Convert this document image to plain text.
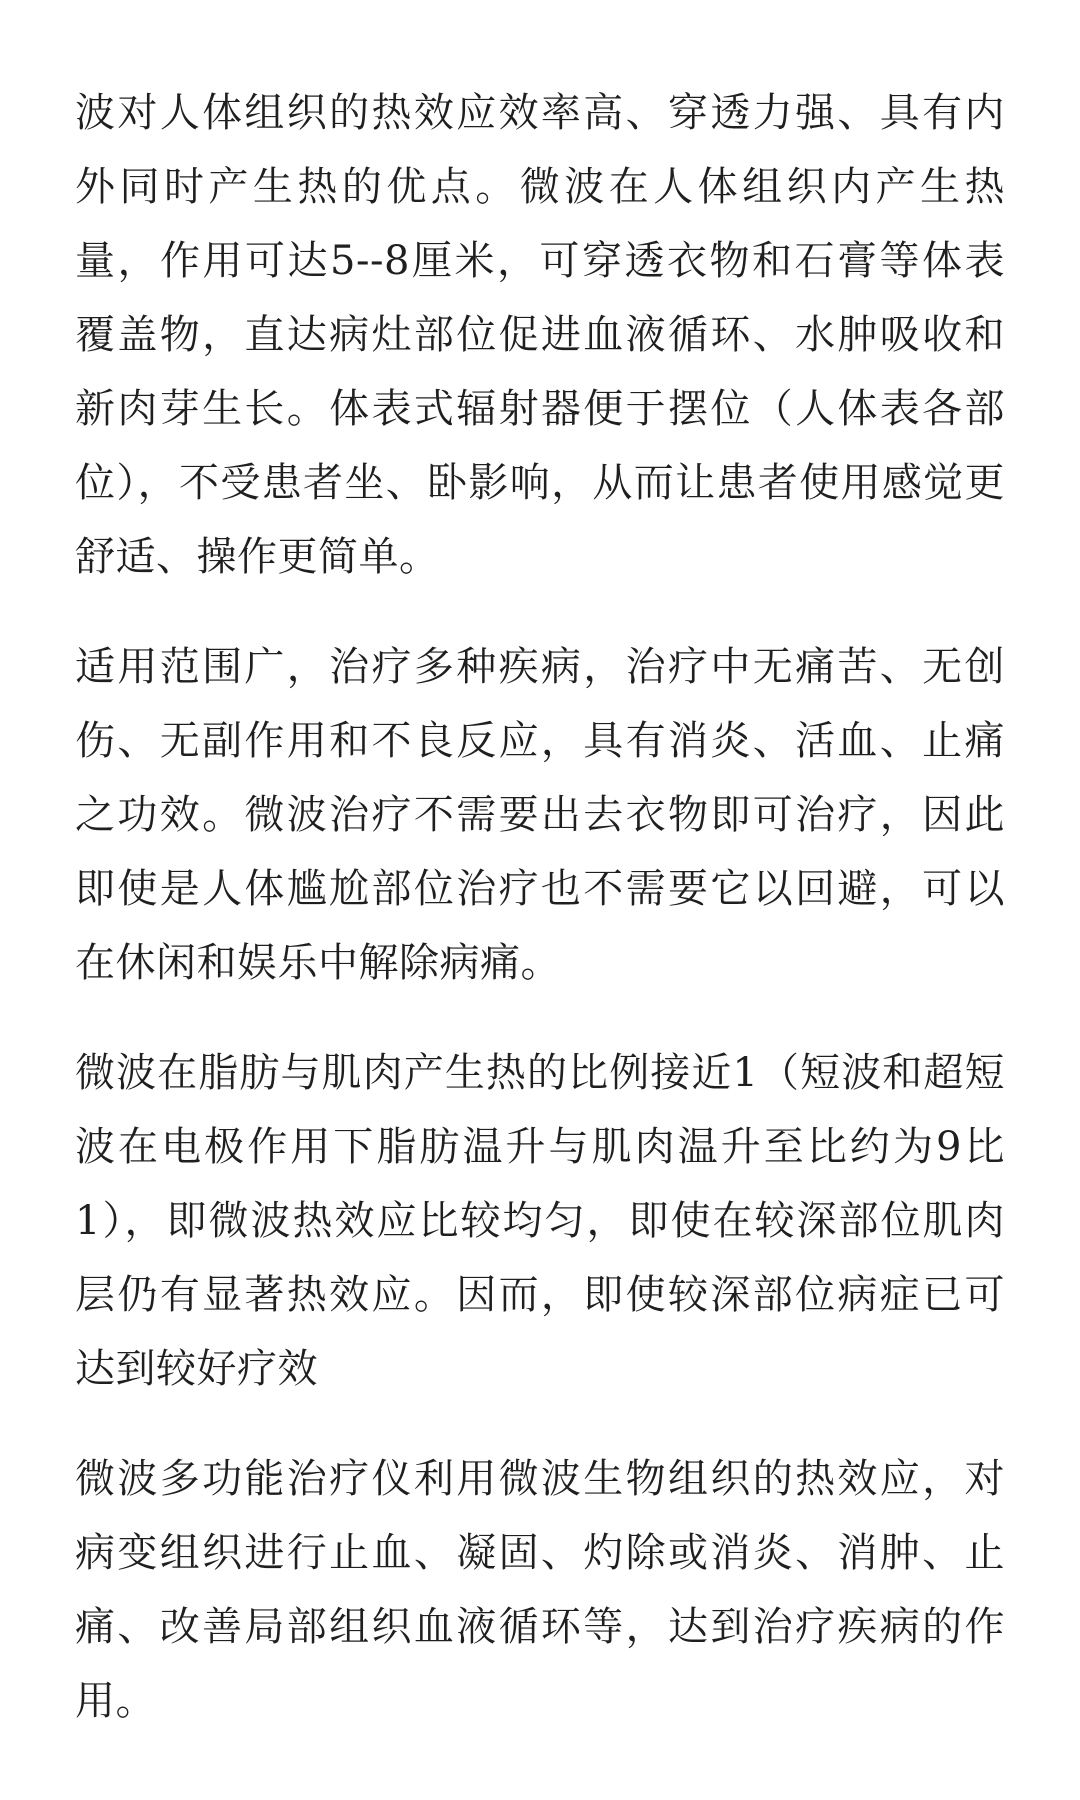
波对人体组织的热效应效率高、穿透力强、具有内外同时产生热的优点。微波在人体组织内产生热量，作用可达5--8厘米，可穿透衣物和石膏等体表覆盖物，直达病灶部位促进血液循环、水肿吸收和新肉芽生长。体表式辐射器便于摆位（人体表各部位），不受患者坐、卧影响，从而让患者使用感觉更舒适、操作更简单。

适用范围广，治疗多种疾病，治疗中无痛苦、无创伤、无副作用和不良反应，具有消炎、活血、止痛之功效。微波治疗不需要出去衣物即可治疗，因此即使是人体尴尬部位治疗也不需要它以回避，可以在休闲和娱乐中解除病痛。

微波在脂肪与肌肉产生热的比例接近1（短波和超短波在电极作用下脂肪温升与肌肉温升至比约为9比1），即微波热效应比较均匀，即使在较深部位肌肉层仍有显著热效应。因而，即使较深部位病症已可达到较好疗效

微波多功能治疗仪利用微波生物组织的热效应，对病变组织进行止血、凝固、灼除或消炎、消肿、止痛、改善局部组织血液循环等，达到治疗疾病的作用。
